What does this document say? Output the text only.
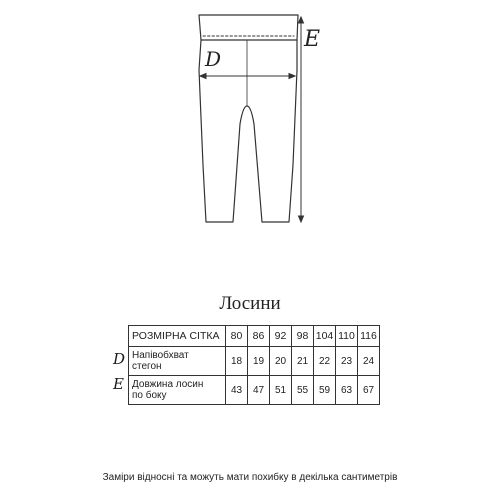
D
E
Лосини
РОЗМІРНА СІТКА	80	86	92	98	104	110	116

Напівобхват
стегон	18	19	20	21	22	23	24

Довжина лосин
по боку	43	47	51	55	59	63	67
D
E
Заміри відносні та можуть мати похибку в декілька сантиметрів
